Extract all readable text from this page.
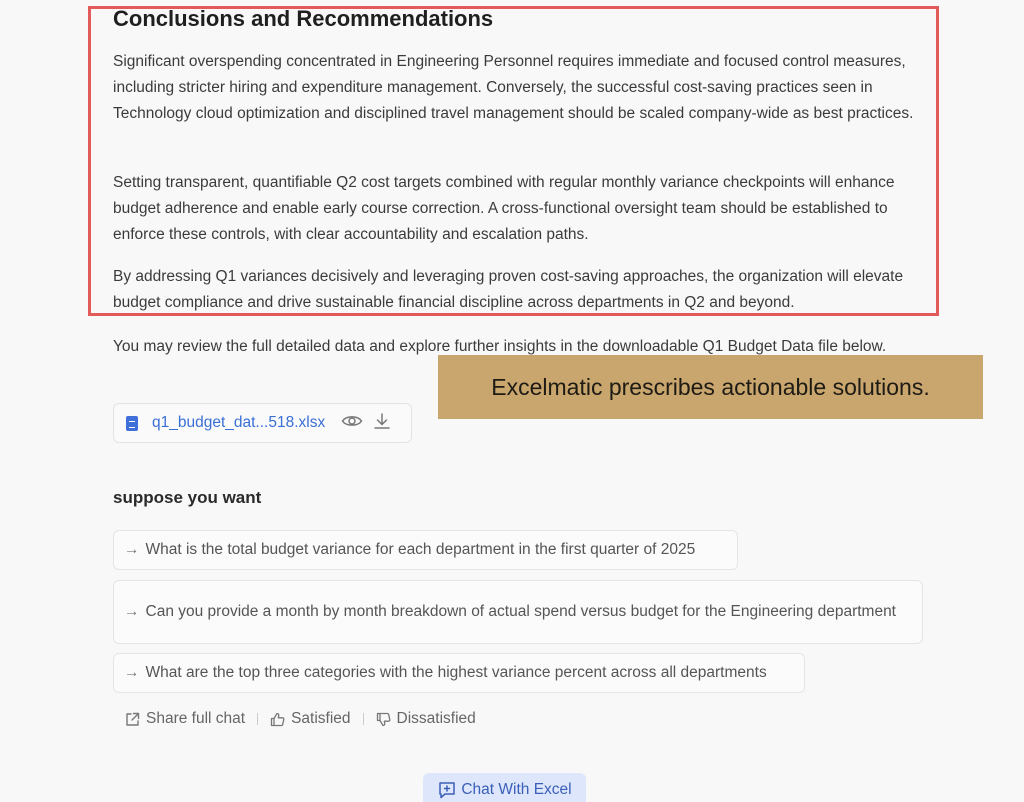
Conclusions and Recommendations

Significant overspending concentrated in Engineering Personnel requires immediate and focused control measures, including stricter hiring and expenditure management. Conversely, the successful cost-saving practices seen in Technology cloud optimization and disciplined travel management should be scaled company-wide as best practices.

Setting transparent, quantifiable Q2 cost targets combined with regular monthly variance checkpoints will enhance budget adherence and enable early course correction. A cross-functional oversight team should be established to enforce these controls, with clear accountability and escalation paths.

By addressing Q1 variances decisively and leveraging proven cost-saving approaches, the organization will elevate budget compliance and drive sustainable financial discipline across departments in Q2 and beyond.

You may review the full detailed data and explore further insights in the downloadable Q1 Budget Data file below.

Excelmatic prescribes actionable solutions.
q1_budget_dat...518.xlsx
suppose you want
→ What is the total budget variance for each department in the first quarter of 2025
→ Can you provide a month by month breakdown of actual spend versus budget for the Engineering department
→ What are the top three categories with the highest variance percent across all departments
Share full chat	Satisfied	Dissatisfied
Chat With Excel
